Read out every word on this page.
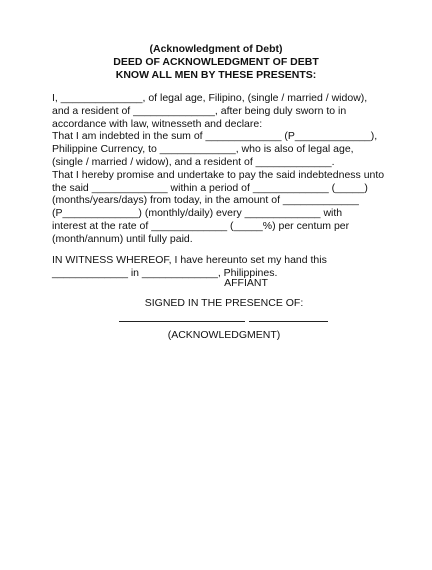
(Acknowledgment of Debt)
DEED OF ACKNOWLEDGMENT OF DEBT
KNOW ALL MEN BY THESE PRESENTS:
I, ______________, of legal age, Filipino, (single / married / widow),
and a resident of ______________, after being duly sworn to in
accordance with law, witnesseth and declare:
That I am indebted in the sum of _____________ (P_____________),
Philippine Currency, to _____________, who is also of legal age,
(single / married / widow), and a resident of _____________.
That I hereby promise and undertake to pay the said indebtedness unto
the said _____________ within a period of _____________ (_____)
(months/years/days) from today, in the amount of _____________
(P_____________) (monthly/daily) every _____________ with
interest at the rate of _____________ (_____%) per centum per
(month/annum) until fully paid.
IN WITNESS WHEREOF, I have hereunto set my hand this
_____________ in _____________, Philippines.
AFFIANT
SIGNED IN THE PRESENCE OF:
(ACKNOWLEDGMENT)
